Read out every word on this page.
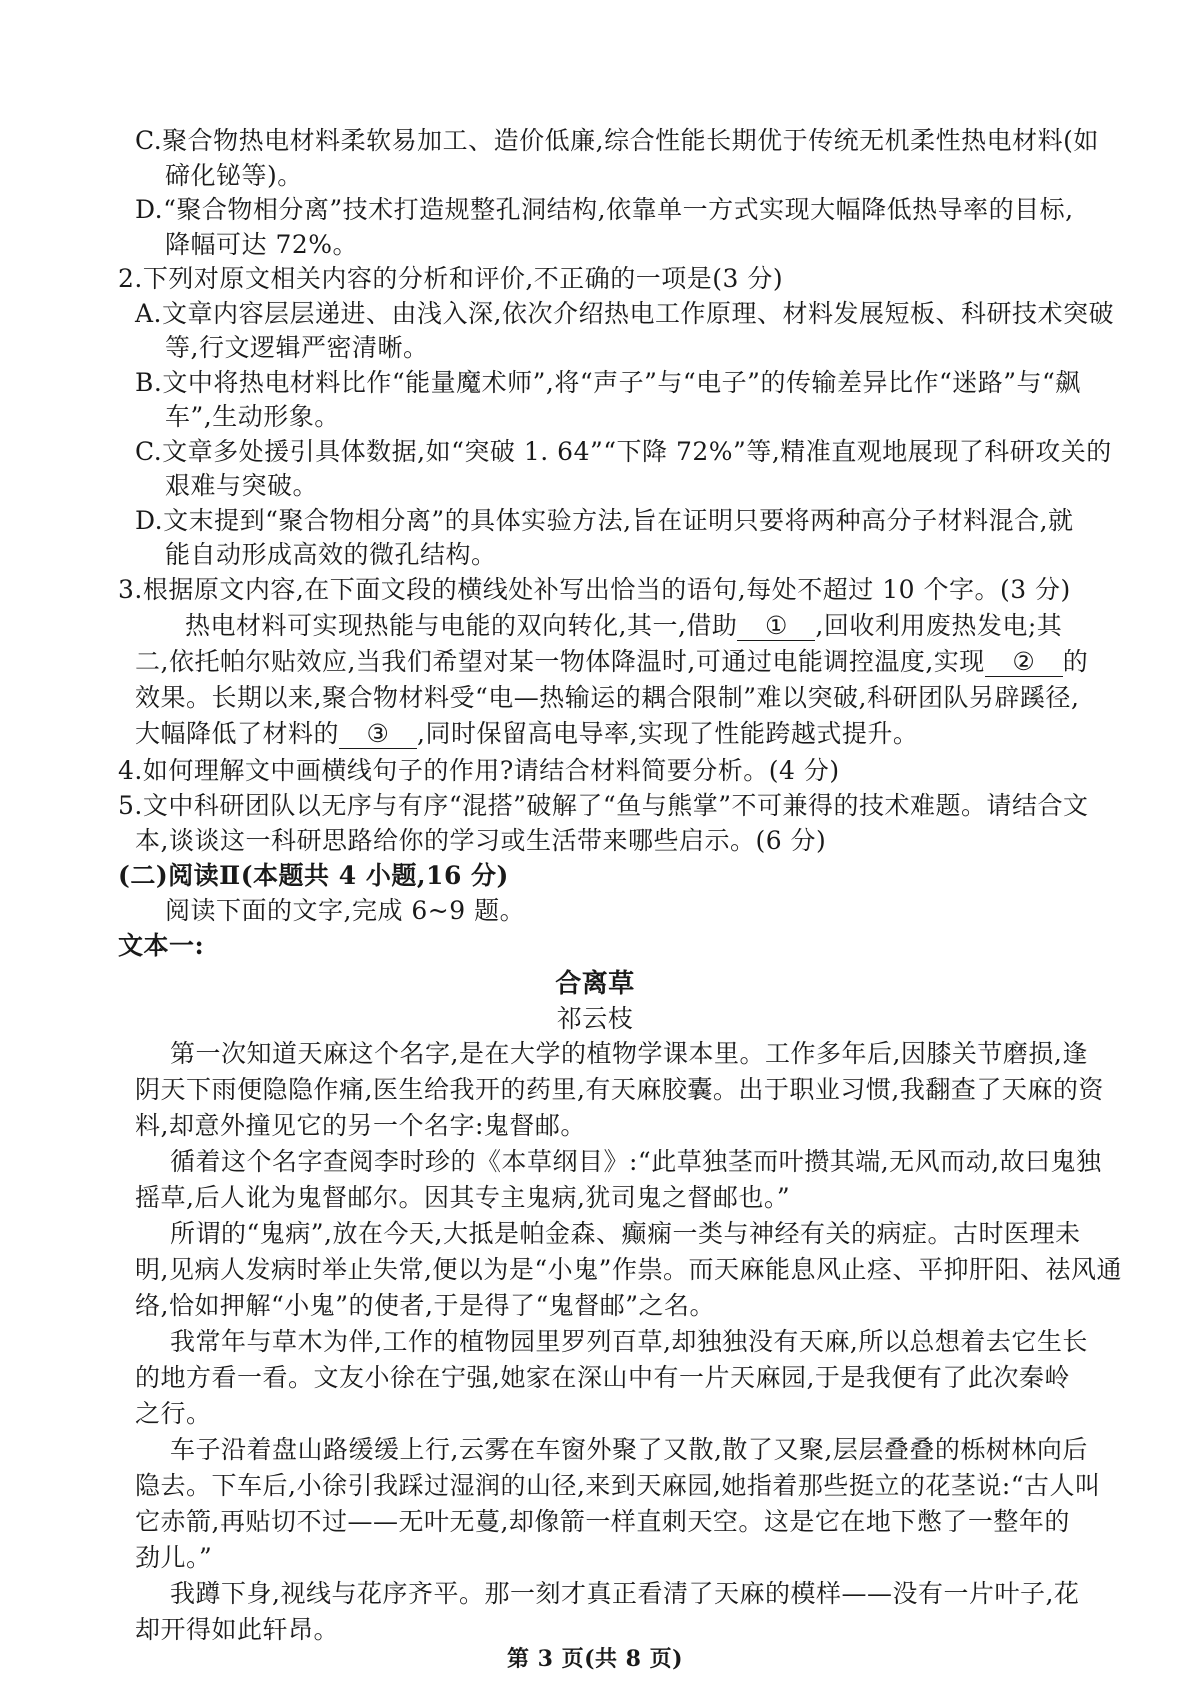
C.聚合物热电材料柔软易加工、造价低廉,综合性能长期优于传统无机柔性热电材料(如
碲化铋等)。
D.“聚合物相分离”技术打造规整孔洞结构,依靠单一方式实现大幅降低热导率的目标,
降幅可达 72%。
2.下列对原文相关内容的分析和评价,不正确的一项是(3 分)
A.文章内容层层递进、由浅入深,依次介绍热电工作原理、材料发展短板、科研技术突破
等,行文逻辑严密清晰。
B.文中将热电材料比作“能量魔术师”,将“声子”与“电子”的传输差异比作“迷路”与“飙
车”,生动形象。
C.文章多处援引具体数据,如“突破 1. 64”“下降 72%”等,精准直观地展现了科研攻关的
艰难与突破。
D.文末提到“聚合物相分离”的具体实验方法,旨在证明只要将两种高分子材料混合,就
能自动形成高效的微孔结构。
3.根据原文内容,在下面文段的横线处补写出恰当的语句,每处不超过 10 个字。(3 分)
热电材料可实现热能与电能的双向转化,其一,借助 ① ,回收利用废热发电;其
二,依托帕尔贴效应,当我们希望对某一物体降温时,可通过电能调控温度,实现 ② 的
效果。长期以来,聚合物材料受“电—热输运的耦合限制”难以突破,科研团队另辟蹊径,
大幅降低了材料的 ③ ,同时保留高电导率,实现了性能跨越式提升。
4.如何理解文中画横线句子的作用?请结合材料简要分析。(4 分)
5.文中科研团队以无序与有序“混搭”破解了“鱼与熊掌”不可兼得的技术难题。请结合文
本,谈谈这一科研思路给你的学习或生活带来哪些启示。(6 分)
(二)阅读Ⅱ(本题共 4 小题,16 分)
阅读下面的文字,完成 6~9 题。
文本一:
合离草
祁云枝
第一次知道天麻这个名字,是在大学的植物学课本里。工作多年后,因膝关节磨损,逢
阴天下雨便隐隐作痛,医生给我开的药里,有天麻胶囊。出于职业习惯,我翻查了天麻的资
料,却意外撞见它的另一个名字:鬼督邮。
循着这个名字查阅李时珍的《本草纲目》:“此草独茎而叶攒其端,无风而动,故曰鬼独
摇草,后人讹为鬼督邮尔。因其专主鬼病,犹司鬼之督邮也。”
所谓的“鬼病”,放在今天,大抵是帕金森、癫痫一类与神经有关的病症。古时医理未
明,见病人发病时举止失常,便以为是“小鬼”作祟。而天麻能息风止痉、平抑肝阳、祛风通
络,恰如押解“小鬼”的使者,于是得了“鬼督邮”之名。
我常年与草木为伴,工作的植物园里罗列百草,却独独没有天麻,所以总想着去它生长
的地方看一看。文友小徐在宁强,她家在深山中有一片天麻园,于是我便有了此次秦岭
之行。
车子沿着盘山路缓缓上行,云雾在车窗外聚了又散,散了又聚,层层叠叠的栎树林向后
隐去。下车后,小徐引我踩过湿润的山径,来到天麻园,她指着那些挺立的花茎说:“古人叫
它赤箭,再贴切不过——无叶无蔓,却像箭一样直刺天空。这是它在地下憋了一整年的
劲儿。”
我蹲下身,视线与花序齐平。那一刻才真正看清了天麻的模样——没有一片叶子,花
却开得如此轩昂。
第 3 页(共 8 页)
